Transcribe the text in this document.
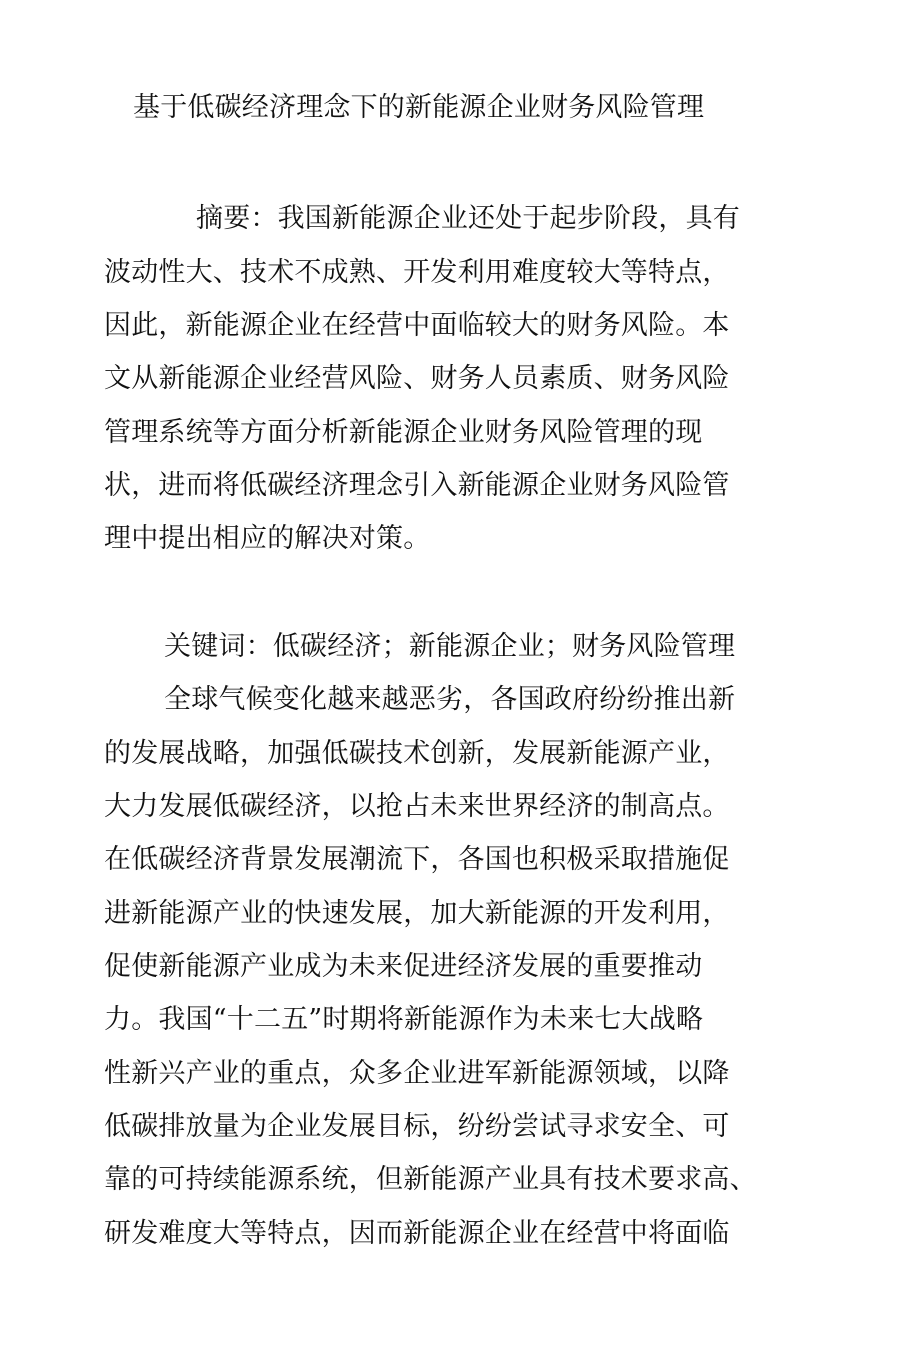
基于低碳经济理念下的新能源企业财务风险管理
摘要：我国新能源企业还处于起步阶段，具有
波动性大、技术不成熟、开发利用难度较大等特点，
因此，新能源企业在经营中面临较大的财务风险。本
文从新能源企业经营风险、财务人员素质、财务风险
管理系统等方面分析新能源企业财务风险管理的现
状，进而将低碳经济理念引入新能源企业财务风险管
理中提出相应的解决对策。
关键词：低碳经济；新能源企业；财务风险管理
全球气候变化越来越恶劣，各国政府纷纷推出新
的发展战略，加强低碳技术创新，发展新能源产业，
大力发展低碳经济，以抢占未来世界经济的制高点。
在低碳经济背景发展潮流下，各国也积极采取措施促
进新能源产业的快速发展，加大新能源的开发利用，
促使新能源产业成为未来促进经济发展的重要推动
力。我国“十二五”时期将新能源作为未来七大战略
性新兴产业的重点，众多企业进军新能源领域，以降
低碳排放量为企业发展目标，纷纷尝试寻求安全、可
靠的可持续能源系统，但新能源产业具有技术要求高、
研发难度大等特点，因而新能源企业在经营中将面临
